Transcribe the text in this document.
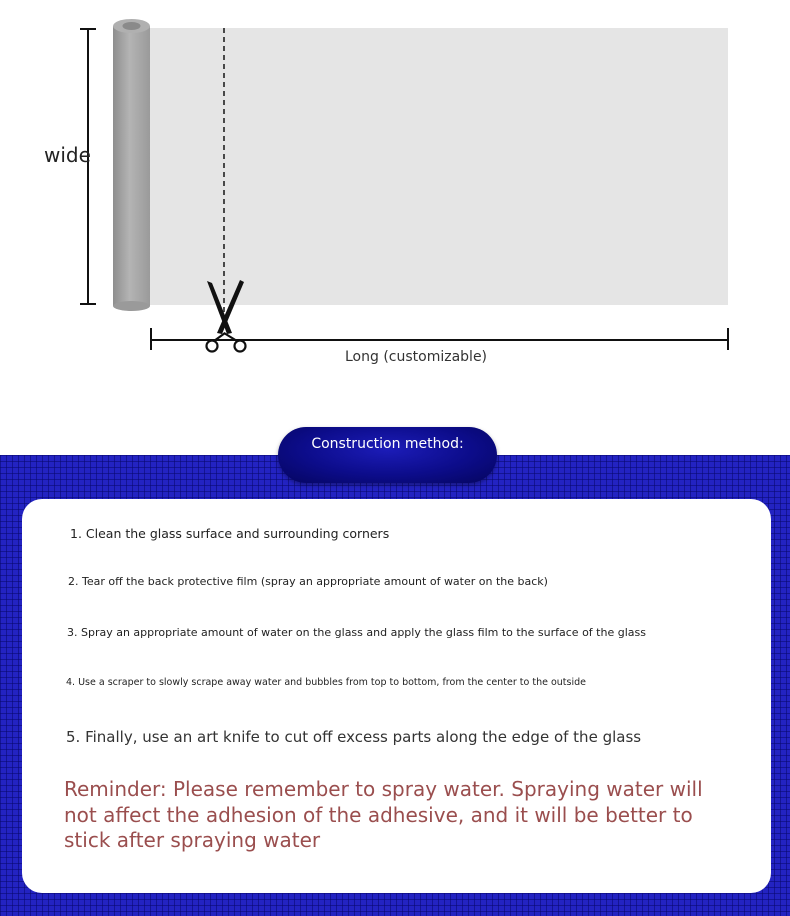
wide
Long (customizable)
Construction method:
1. Clean the glass surface and surrounding corners
2. Tear off the back protective film (spray an appropriate amount of water on the back)
3. Spray an appropriate amount of water on the glass and apply the glass film to the surface of the glass
4. Use a scraper to slowly scrape away water and bubbles from top to bottom, from the center to the outside
5. Finally, use an art knife to cut off excess parts along the edge of the glass
Reminder: Please remember to spray water. Spraying water will not affect the adhesion of the adhesive, and it will be better to stick after spraying water
